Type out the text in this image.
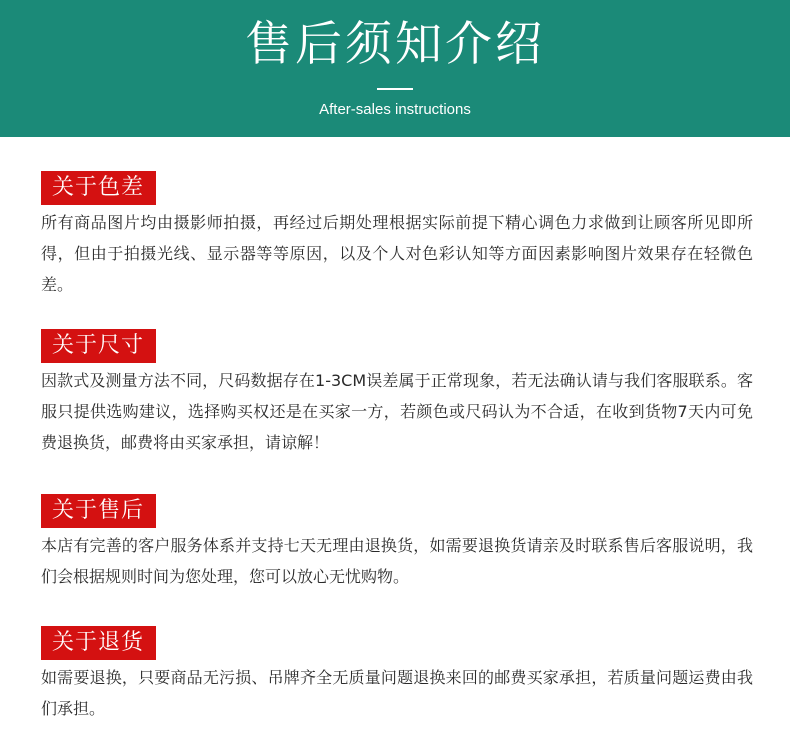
售后须知介绍
After-sales instructions
关于色差

所有商品图片均由摄影师拍摄，再经过后期处理根据实际前提下精心调色力求做到让顾客所见即所得，但由于拍摄光线、显示器等等原因，以及个人对色彩认知等方面因素影响图片效果存在轻微色差。

关于尺寸

因款式及测量方法不同，尺码数据存在1-3CM误差属于正常现象，若无法确认请与我们客服联系。客服只提供选购建议，选择购买权还是在买家一方，若颜色或尺码认为不合适，在收到货物7天内可免费退换货，邮费将由买家承担，请谅解！

关于售后

本店有完善的客户服务体系并支持七天无理由退换货，如需要退换货请亲及时联系售后客服说明，我们会根据规则时间为您处理，您可以放心无忧购物。

关于退货

如需要退换，只要商品无污损、吊牌齐全无质量问题退换来回的邮费买家承担，若质量问题运费由我们承担。
